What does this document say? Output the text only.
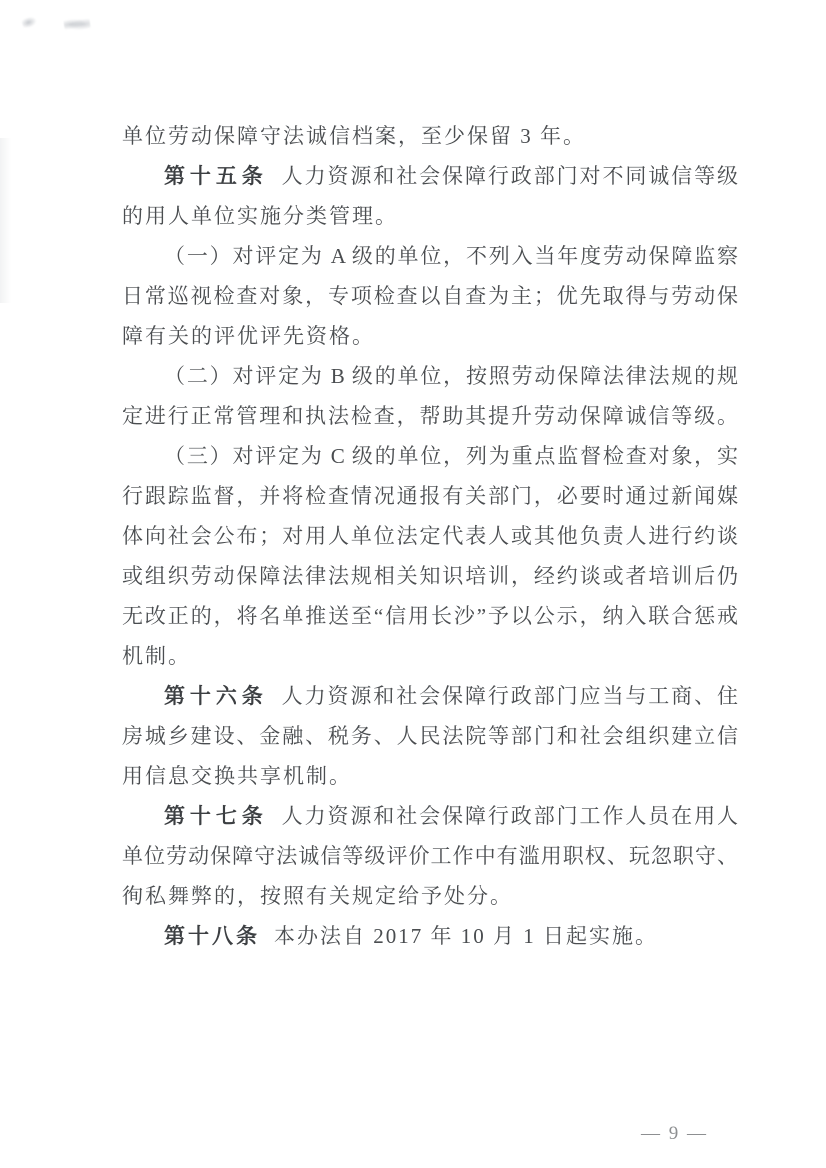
单位劳动保障守法诚信档案，至少保留 3 年。
第十五条 人力资源和社会保障行政部门对不同诚信等级
的用人单位实施分类管理。
（一）对评定为 A 级的单位，不列入当年度劳动保障监察
日常巡视检查对象，专项检查以自查为主；优先取得与劳动保
障有关的评优评先资格。
（二）对评定为 B 级的单位，按照劳动保障法律法规的规
定进行正常管理和执法检查，帮助其提升劳动保障诚信等级。
（三）对评定为 C 级的单位，列为重点监督检查对象，实
行跟踪监督，并将检查情况通报有关部门，必要时通过新闻媒
体向社会公布；对用人单位法定代表人或其他负责人进行约谈
或组织劳动保障法律法规相关知识培训，经约谈或者培训后仍
无改正的，将名单推送至“信用长沙”予以公示，纳入联合惩戒
机制。
第十六条 人力资源和社会保障行政部门应当与工商、住
房城乡建设、金融、税务、人民法院等部门和社会组织建立信
用信息交换共享机制。
第十七条 人力资源和社会保障行政部门工作人员在用人
单位劳动保障守法诚信等级评价工作中有滥用职权、玩忽职守、
徇私舞弊的，按照有关规定给予处分。
第十八条 本办法自 2017 年 10 月 1 日起实施。
— 9 —
